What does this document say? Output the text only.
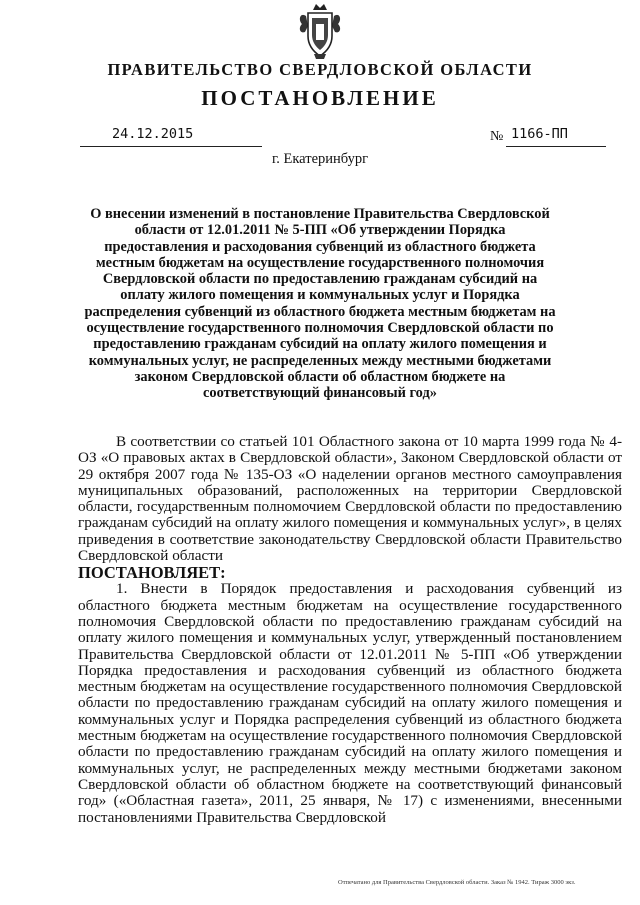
ПРАВИТЕЛЬСТВО СВЕРДЛОВСКОЙ ОБЛАСТИ
ПОСТАНОВЛЕНИЕ
24.12.2015	№ 1166-ПП
г. Екатеринбург
О внесении изменений в постановление Правительства Свердловской области от 12.01.2011 № 5-ПП «Об утверждении Порядка предоставления и расходования субвенций из областного бюджета местным бюджетам на осуществление государственного полномочия Свердловской области по предоставлению гражданам субсидий на оплату жилого помещения и коммунальных услуг и Порядка распределения субвенций из областного бюджета местным бюджетам на осуществление государственного полномочия Свердловской области по предоставлению гражданам субсидий на оплату жилого помещения и коммунальных услуг, не распределенных между местными бюджетами законом Свердловской области об областном бюджете на соответствующий финансовый год»

В соответствии со статьей 101 Областного закона от 10 марта 1999 года № 4-ОЗ «О правовых актах в Свердловской области», Законом Свердловской области от 29 октября 2007 года № 135-ОЗ «О наделении органов местного самоуправления муниципальных образований, расположенных на территории Свердловской области, государственным полномочием Свердловской области по предоставлению гражданам субсидий на оплату жилого помещения и коммунальных услуг», в целях приведения в соответствие законодательству Свердловской области Правительство Свердловской области

ПОСТАНОВЛЯЕТ:

1. Внести в Порядок предоставления и расходования субвенций из областного бюджета местным бюджетам на осуществление государственного полномочия Свердловской области по предоставлению гражданам субсидий на оплату жилого помещения и коммунальных услуг, утвержденный постановлением Правительства Свердловской области от 12.01.2011 № 5-ПП «Об утверждении Порядка предоставления и расходования субвенций из областного бюджета местным бюджетам на осуществление государственного полномочия Свердловской области по предоставлению гражданам субсидий на оплату жилого помещения и коммунальных услуг и Порядка распределения субвенций из областного бюджета местным бюджетам на осуществление государственного полномочия Свердловской области по предоставлению гражданам субсидий на оплату жилого помещения и коммунальных услуг, не распределенных между местными бюджетами законом Свердловской области об областном бюджете на соответствующий финансовый год» («Областная газета», 2011, 25 января, № 17) с изменениями, внесенными постановлениями Правительства Свердловской

Отпечатано для Правительства Свердловской области. Заказ № 1942. Тираж 3000 экз.
